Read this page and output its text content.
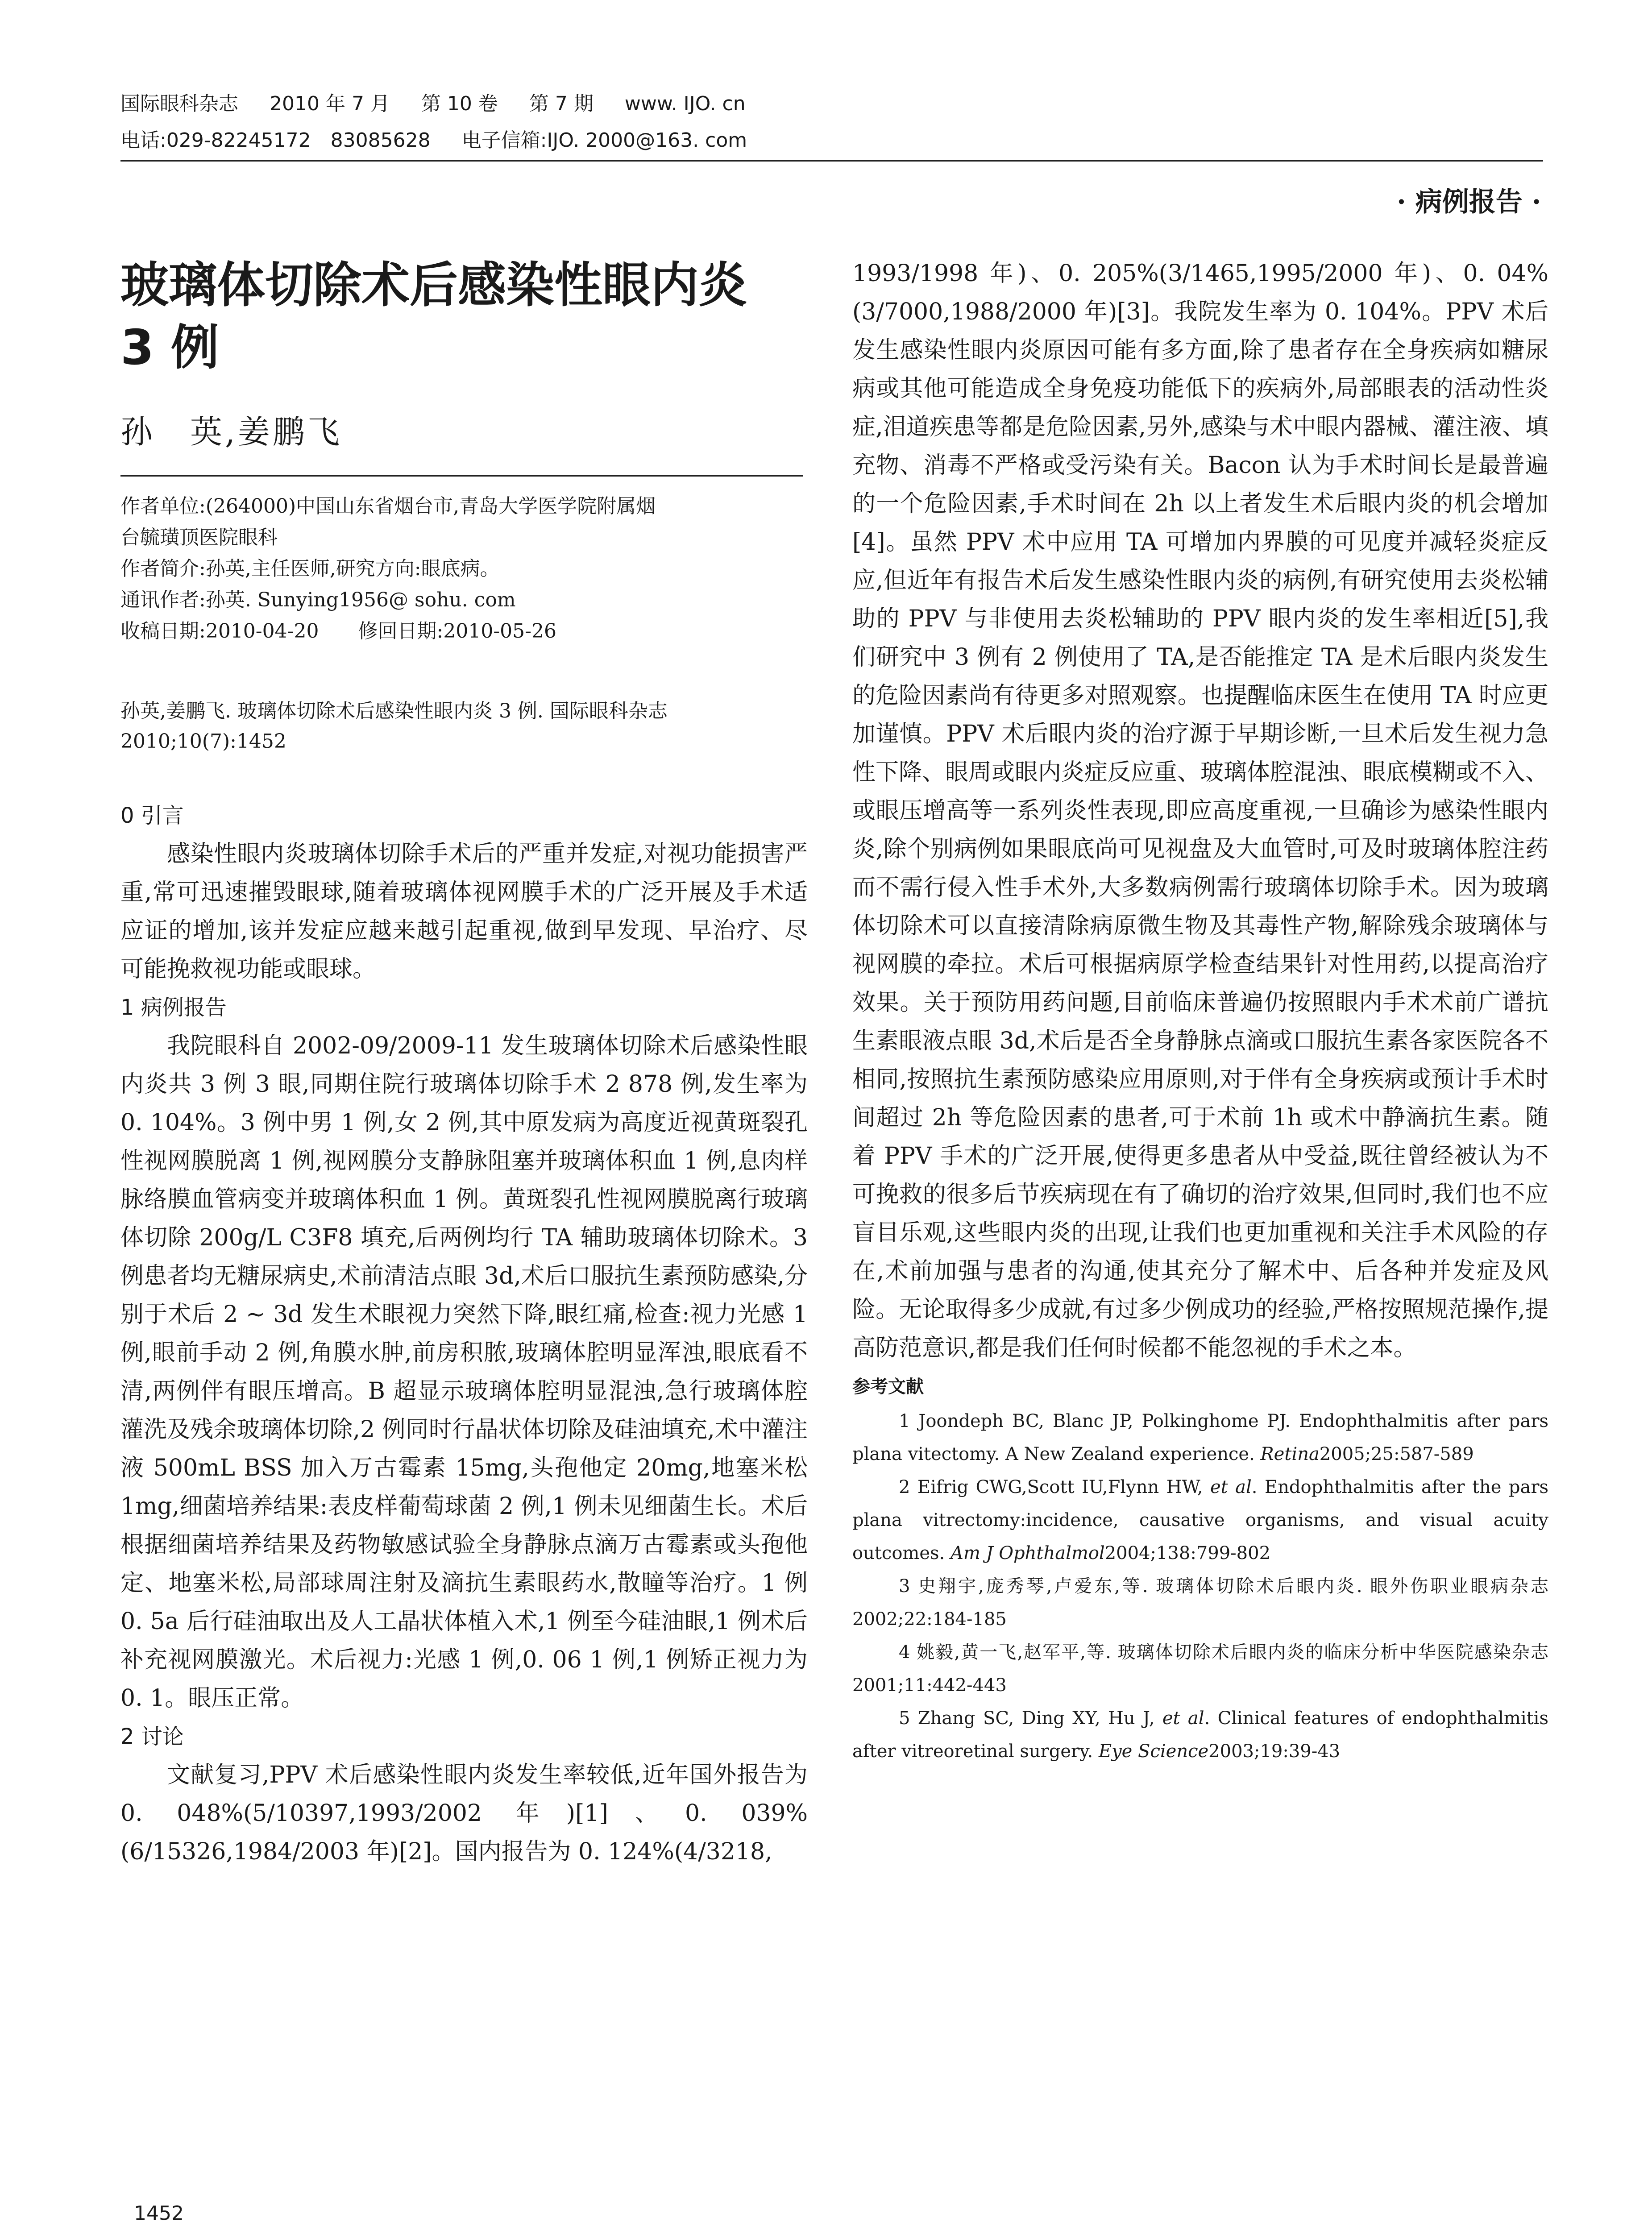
国际眼科杂志 2010 年 7 月 第 10 卷 第 7 期 www. IJO. cn
电话:029-82245172　83085628 电子信箱:IJO. 2000@163. com
· 病例报告 ·
玻璃体切除术后感染性眼内炎
3 例
孙　英,姜鹏飞
作者单位:(264000)中国山东省烟台市,青岛大学医学院附属烟
台毓璜顶医院眼科
作者简介:孙英,主任医师,研究方向:眼底病。
通讯作者:孙英. Sunying1956@ sohu. com
收稿日期:2010-04-20　　修回日期:2010-05-26
孙英,姜鹏飞. 玻璃体切除术后感染性眼内炎 3 例. 国际眼科杂志 2010;10(7):1452
0 引言

感染性眼内炎玻璃体切除手术后的严重并发症,对视功能损害严重,常可迅速摧毁眼球,随着玻璃体视网膜手术的广泛开展及手术适应证的增加,该并发症应越来越引起重视,做到早发现、早治疗、尽可能挽救视功能或眼球。

1 病例报告

我院眼科自 2002-09/2009-11 发生玻璃体切除术后感染性眼内炎共 3 例 3 眼,同期住院行玻璃体切除手术 2 878 例,发生率为 0. 104%。3 例中男 1 例,女 2 例,其中原发病为高度近视黄斑裂孔性视网膜脱离 1 例,视网膜分支静脉阻塞并玻璃体积血 1 例,息肉样脉络膜血管病变并玻璃体积血 1 例。黄斑裂孔性视网膜脱离行玻璃体切除 200g/L C3F8 填充,后两例均行 TA 辅助玻璃体切除术。3 例患者均无糖尿病史,术前清洁点眼 3d,术后口服抗生素预防感染,分别于术后 2 ~ 3d 发生术眼视力突然下降,眼红痛,检查:视力光感 1 例,眼前手动 2 例,角膜水肿,前房积脓,玻璃体腔明显浑浊,眼底看不清,两例伴有眼压增高。B 超显示玻璃体腔明显混浊,急行玻璃体腔灌洗及残余玻璃体切除,2 例同时行晶状体切除及硅油填充,术中灌注液 500mL BSS 加入万古霉素 15mg,头孢他定 20mg,地塞米松 1mg,细菌培养结果:表皮样葡萄球菌 2 例,1 例未见细菌生长。术后根据细菌培养结果及药物敏感试验全身静脉点滴万古霉素或头孢他定、地塞米松,局部球周注射及滴抗生素眼药水,散瞳等治疗。1 例 0. 5a 后行硅油取出及人工晶状体植入术,1 例至今硅油眼,1 例术后补充视网膜激光。术后视力:光感 1 例,0. 06 1 例,1 例矫正视力为 0. 1。眼压正常。

2 讨论

文献复习,PPV 术后感染性眼内炎发生率较低,近年国外报告为 0. 048%(5/10397,1993/2002 年)[1]、0. 039%(6/15326,1984/2003 年)[2]。国内报告为 0. 124%(4/3218,

1993/1998 年)、0. 205%(3/1465,1995/2000 年)、0. 04%(3/7000,1988/2000 年)[3]。我院发生率为 0. 104%。PPV 术后发生感染性眼内炎原因可能有多方面,除了患者存在全身疾病如糖尿病或其他可能造成全身免疫功能低下的疾病外,局部眼表的活动性炎症,泪道疾患等都是危险因素,另外,感染与术中眼内器械、灌注液、填充物、消毒不严格或受污染有关。Bacon 认为手术时间长是最普遍的一个危险因素,手术时间在 2h 以上者发生术后眼内炎的机会增加[4]。虽然 PPV 术中应用 TA 可增加内界膜的可见度并减轻炎症反应,但近年有报告术后发生感染性眼内炎的病例,有研究使用去炎松辅助的 PPV 与非使用去炎松辅助的 PPV 眼内炎的发生率相近[5],我们研究中 3 例有 2 例使用了 TA,是否能推定 TA 是术后眼内炎发生的危险因素尚有待更多对照观察。也提醒临床医生在使用 TA 时应更加谨慎。PPV 术后眼内炎的治疗源于早期诊断,一旦术后发生视力急性下降、眼周或眼内炎症反应重、玻璃体腔混浊、眼底模糊或不入、或眼压增高等一系列炎性表现,即应高度重视,一旦确诊为感染性眼内炎,除个别病例如果眼底尚可见视盘及大血管时,可及时玻璃体腔注药而不需行侵入性手术外,大多数病例需行玻璃体切除手术。因为玻璃体切除术可以直接清除病原微生物及其毒性产物,解除残余玻璃体与视网膜的牵拉。术后可根据病原学检查结果针对性用药,以提高治疗效果。关于预防用药问题,目前临床普遍仍按照眼内手术术前广谱抗生素眼液点眼 3d,术后是否全身静脉点滴或口服抗生素各家医院各不相同,按照抗生素预防感染应用原则,对于伴有全身疾病或预计手术时间超过 2h 等危险因素的患者,可于术前 1h 或术中静滴抗生素。随着 PPV 手术的广泛开展,使得更多患者从中受益,既往曾经被认为不可挽救的很多后节疾病现在有了确切的治疗效果,但同时,我们也不应盲目乐观,这些眼内炎的出现,让我们也更加重视和关注手术风险的存在,术前加强与患者的沟通,使其充分了解术中、后各种并发症及风险。无论取得多少成就,有过多少例成功的经验,严格按照规范操作,提高防范意识,都是我们任何时候都不能忽视的手术之本。

参考文献

1 Joondeph BC, Blanc JP, Polkinghome PJ. Endophthalmitis after pars plana vitectomy. A New Zealand experience. Retina2005;25:587-589

2 Eifrig CWG,Scott IU,Flynn HW, et al. Endophthalmitis after the pars plana vitrectomy:incidence, causative organisms, and visual acuity outcomes. Am J Ophthalmol2004;138:799-802

3 史翔宇,庞秀琴,卢爱东,等. 玻璃体切除术后眼内炎. 眼外伤职业眼病杂志 2002;22:184-185

4 姚毅,黄一飞,赵军平,等. 玻璃体切除术后眼内炎的临床分析中华医院感染杂志 2001;11:442-443

5 Zhang SC, Ding XY, Hu J, et al. Clinical features of endophthalmitis after vitreoretinal surgery. Eye Science2003;19:39-43

1452
